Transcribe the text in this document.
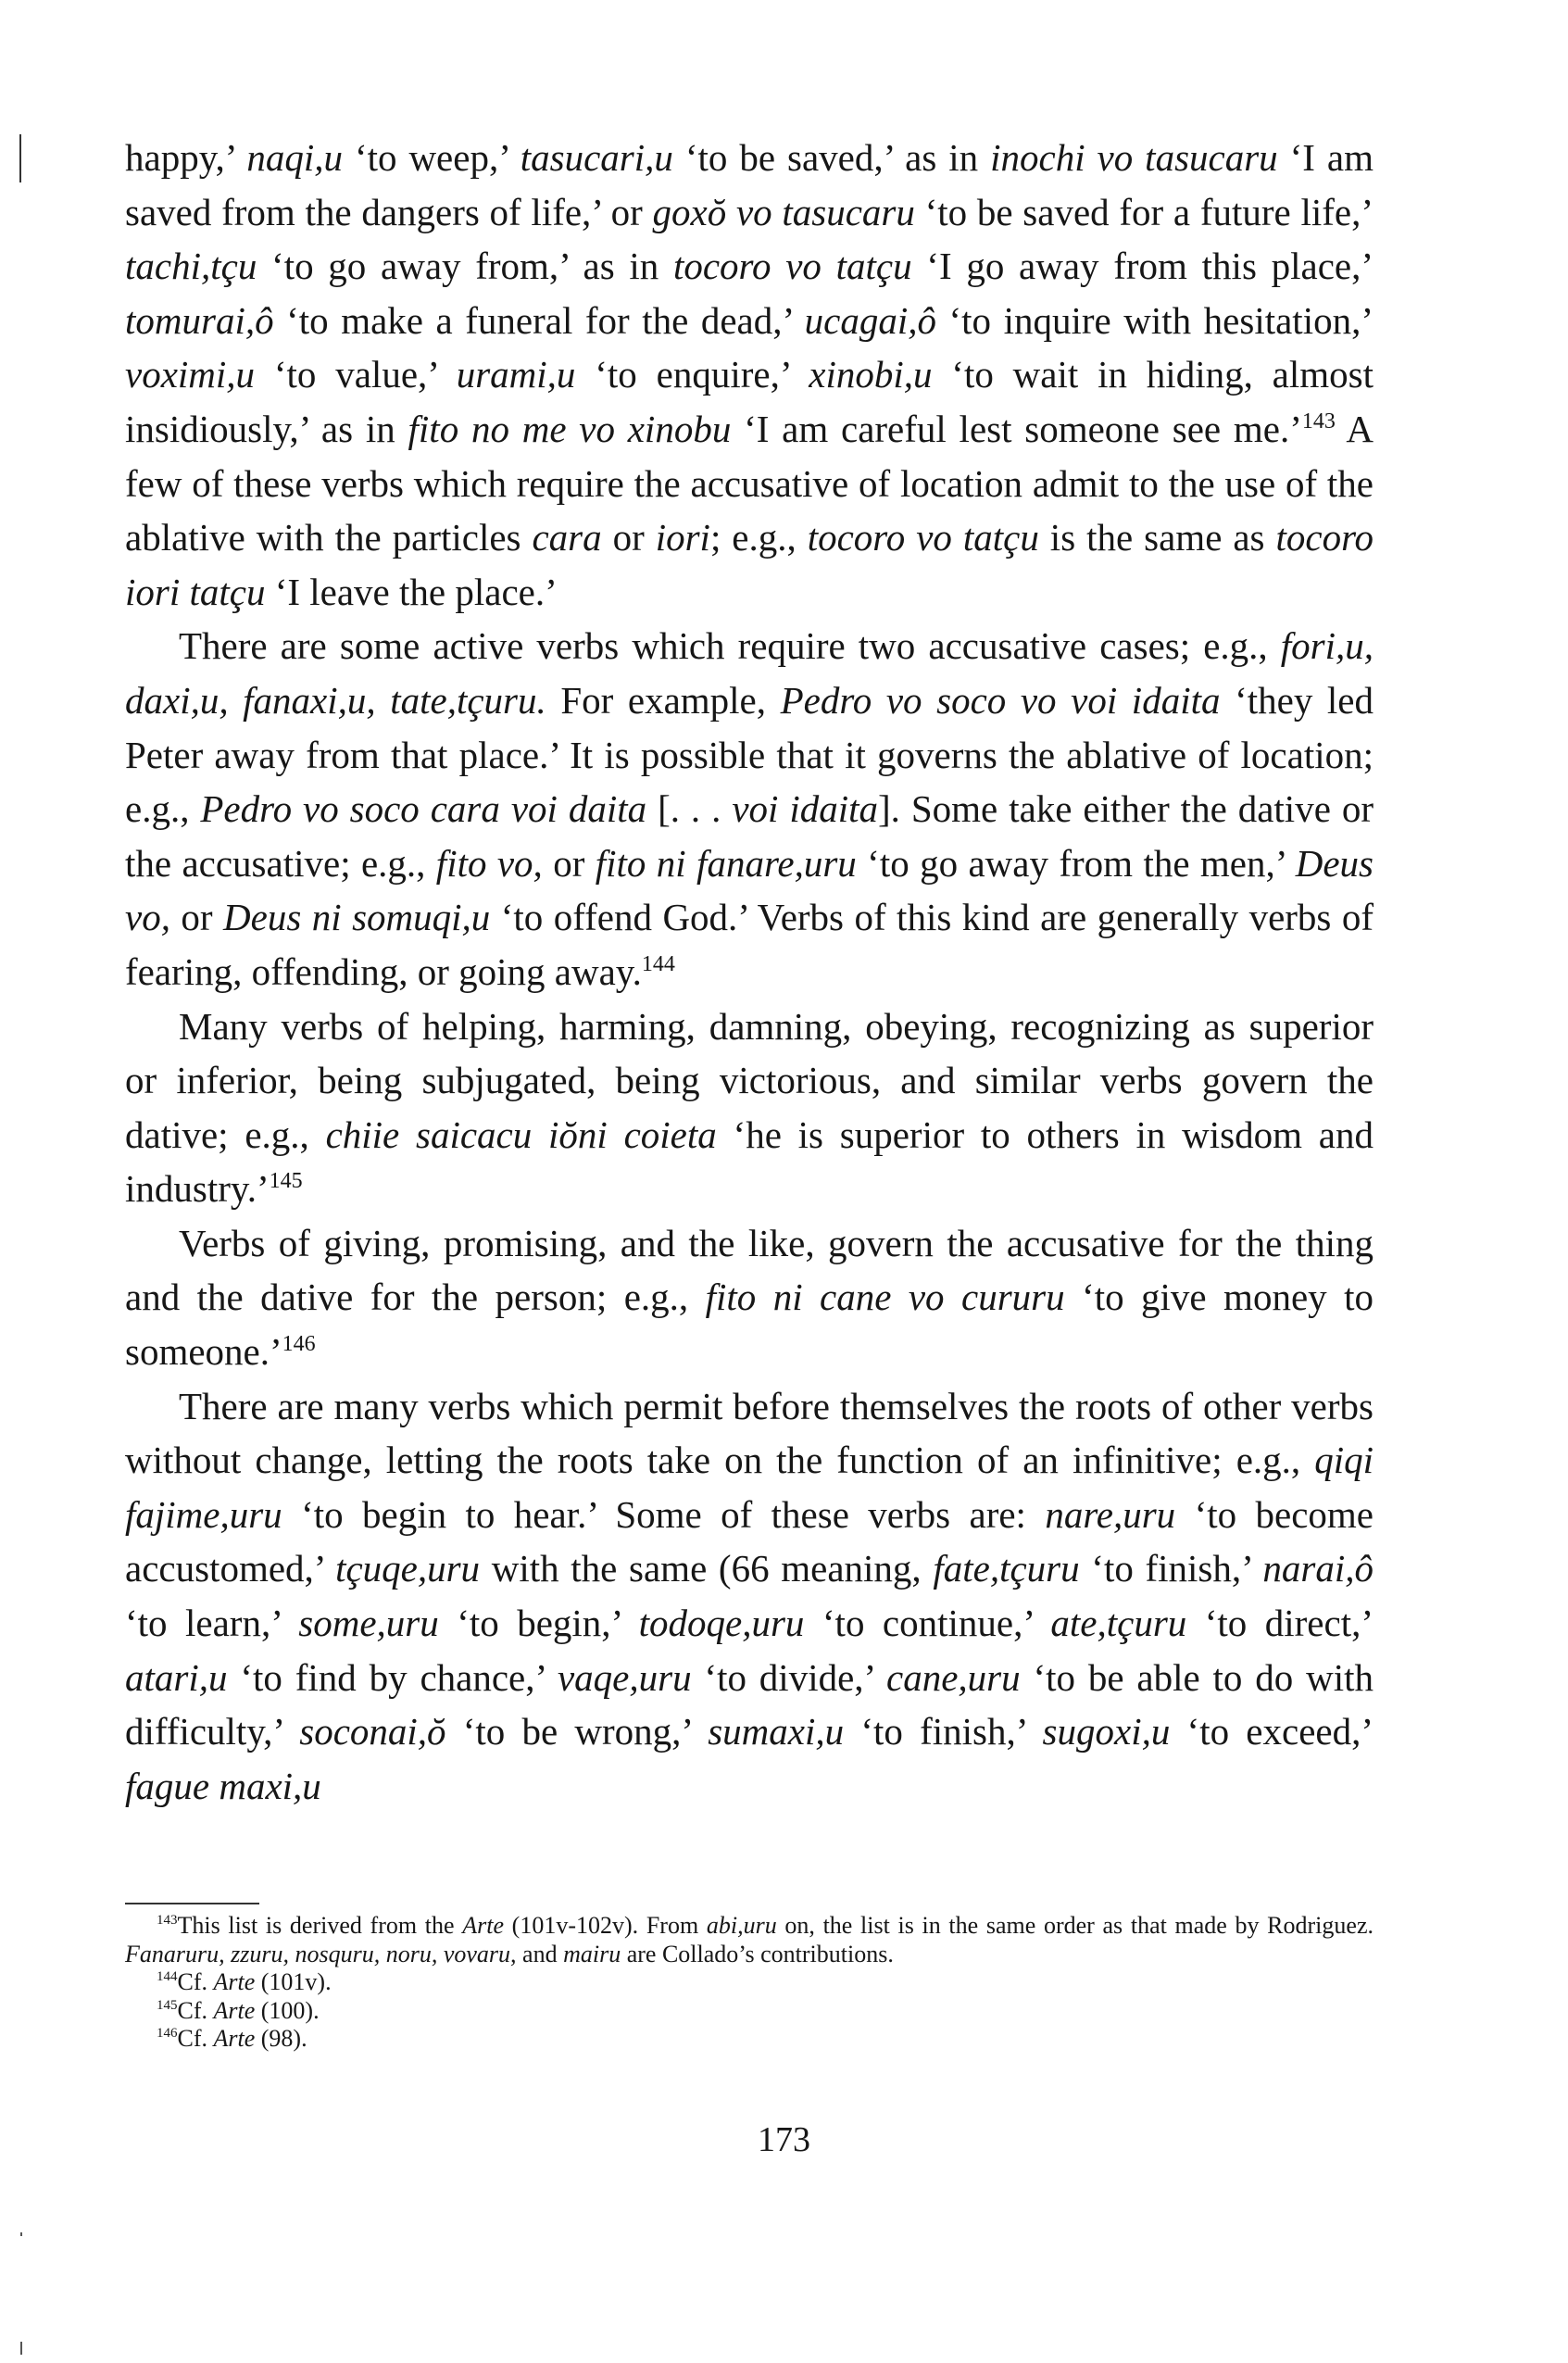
happy,’ naqi,u ‘to weep,’ tasucari,u ‘to be saved,’ as in inochi vo tasucaru ‘I am saved from the dangers of life,’ or goxŏ vo tasucaru ‘to be saved for a future life,’ tachi,tçu ‘to go away from,’ as in tocoro vo tatçu ‘I go away from this place,’ tomurai,ô ‘to make a funeral for the dead,’ ucagai,ô ‘to inquire with hesitation,’ voximi,u ‘to value,’ urami,u ‘to enquire,’ xinobi,u ‘to wait in hiding, almost insidiously,’ as in fito no me vo xinobu ‘I am careful lest someone see me.’$^{143}$ A few of these verbs which require the accusative of location admit to the use of the ablative with the particles cara or iori; e.g., tocoro vo tatçu is the same as tocoro iori tatçu ‘I leave the place.’

There are some active verbs which require two accusative cases; e.g., fori,u, daxi,u, fanaxi,u, tate,tçuru. For example, Pedro vo soco vo voi idaita ‘they led Peter away from that place.’ It is possible that it governs the ablative of location; e.g., Pedro vo soco cara voi daita [. . . voi idaita]. Some take either the dative or the accusative; e.g., fito vo, or fito ni fanare,uru ‘to go away from the men,’ Deus vo, or Deus ni somuqi,u ‘to offend God.’ Verbs of this kind are generally verbs of fearing, offending, or going away.$^{144}$

Many verbs of helping, harming, damning, obeying, recognizing as superior or inferior, being subjugated, being victorious, and similar verbs govern the dative; e.g., chiie saicacu iŏni coieta ‘he is superior to others in wisdom and industry.’$^{145}$

Verbs of giving, promising, and the like, govern the accusative for the thing and the dative for the person; e.g., fito ni cane vo cururu ‘to give money to someone.’$^{146}$

There are many verbs which permit before themselves the roots of other verbs without change, letting the roots take on the function of an infinitive; e.g., qiqi fajime,uru ‘to begin to hear.’ Some of these verbs are: nare,uru ‘to become accustomed,’ tçuqe,uru with the same (66 meaning, fate,tçuru ‘to finish,’ narai,ô ‘to learn,’ some,uru ‘to begin,’ todoqe,uru ‘to continue,’ ate,tçuru ‘to direct,’ atari,u ‘to find by chance,’ vaqe,uru ‘to divide,’ cane,uru ‘to be able to do with difficulty,’ soconai,ŏ ‘to be wrong,’ sumaxi,u ‘to finish,’ sugoxi,u ‘to exceed,’ fague maxi,u

$^{143}$This list is derived from the Arte (101v-102v). From abi,uru on, the list is in the same order as that made by Rodriguez. Fanaruru, zzuru, nosquru, noru, vovaru, and mairu are Collado’s contributions.

$^{144}$Cf. Arte (101v).

$^{145}$Cf. Arte (100).

$^{146}$Cf. Arte (98).

173
